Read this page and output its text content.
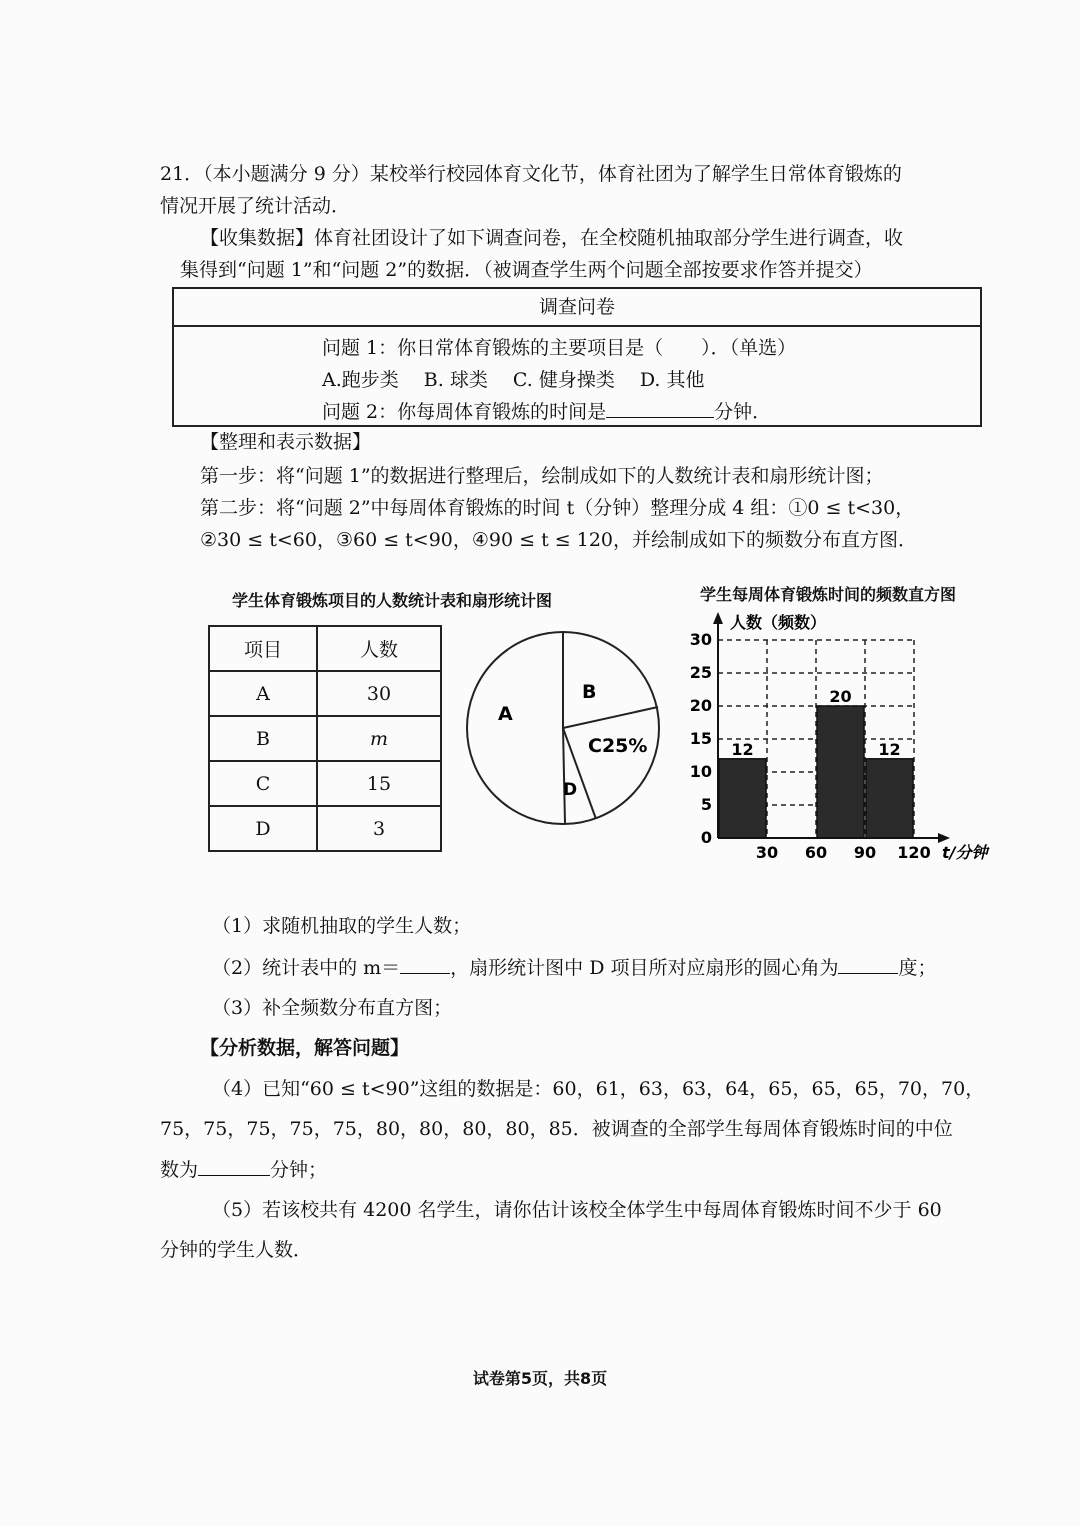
21．（本小题满分 9 分）某校举行校园体育文化节，体育社团为了解学生日常体育锻炼的
情况开展了统计活动．
【收集数据】体育社团设计了如下调查问卷，在全校随机抽取部分学生进行调查，收
集得到“问题 1”和“问题 2”的数据．（被调查学生两个问题全部按要求作答并提交）
调查问卷
问题 1：你日常体育锻炼的主要项目是（　　）．（单选）
A.跑步类　 B. 球类　 C. 健身操类　 D. 其他
问题 2：你每周体育锻炼的时间是	分钟．
【整理和表示数据】
第一步：将“问题 1”的数据进行整理后，绘制成如下的人数统计表和扇形统计图；
第二步：将“问题 2”中每周体育锻炼的时间 t（分钟）整理分成 4 组：①0 ≤ t<30，
②30 ≤ t<60，③60 ≤ t<90，④90 ≤ t ≤ 120，并绘制成如下的频数分布直方图．
学生体育锻炼项目的人数统计表和扇形统计图
项目	人数
A	30
B	m
C	15
D	3
A
B
C25%
D
学生每周体育锻炼时间的频数直方图
12
20
12
0
5
10
15
20
25
30
30 60 90 120
人数（频数）
t/分钟
（1）求随机抽取的学生人数；
（2）统计表中的 m＝	，扇形统计图中 D 项目所对应扇形的圆心角为	度；
（3）补全频数分布直方图；
【分析数据，解答问题】
（4）已知“60 ≤ t<90”这组的数据是：60，61，63，63，64，65，65，65，70，70，
75，75，75，75，75，80，80，80，80，85．被调查的全部学生每周体育锻炼时间的中位
数为	分钟；
（5）若该校共有 4200 名学生，请你估计该校全体学生中每周体育锻炼时间不少于 60
分钟的学生人数．
试卷第5页，共8页
